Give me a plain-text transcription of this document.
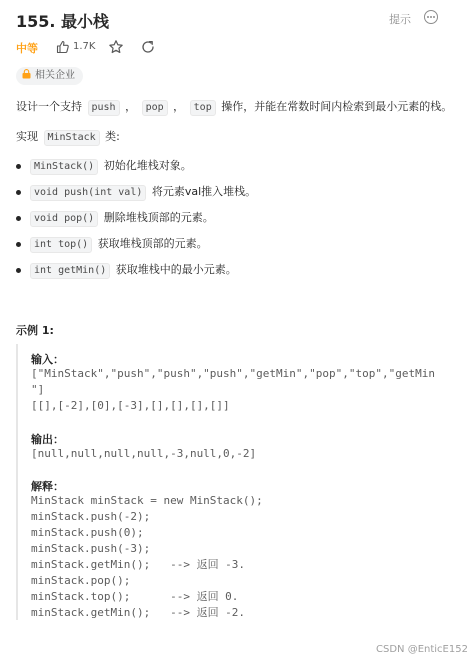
155. 最小栈	提示
中等	1.7K
相关企业
设计一个支持 push ， pop ， top 操作，并能在常数时间内检索到最小元素的栈。
实现 MinStack 类:
MinStack() 初始化堆栈对象。
void push(int val) 将元素val推入堆栈。
void pop() 删除堆栈顶部的元素。
int top() 获取堆栈顶部的元素。
int getMin() 获取堆栈中的最小元素。
示例 1:
输入：
["MinStack","push","push","push","getMin","pop","top","getMin
"]
[[],[-2],[0],[-3],[],[],[],[]]
输出：
[null,null,null,null,-3,null,0,-2]
解释：
MinStack minStack = new MinStack();
minStack.push(-2);
minStack.push(0);
minStack.push(-3);
minStack.getMin();   --> 返回 -3.
minStack.pop();
minStack.top();      --> 返回 0.
minStack.getMin();   --> 返回 -2.
CSDN @EnticE152
